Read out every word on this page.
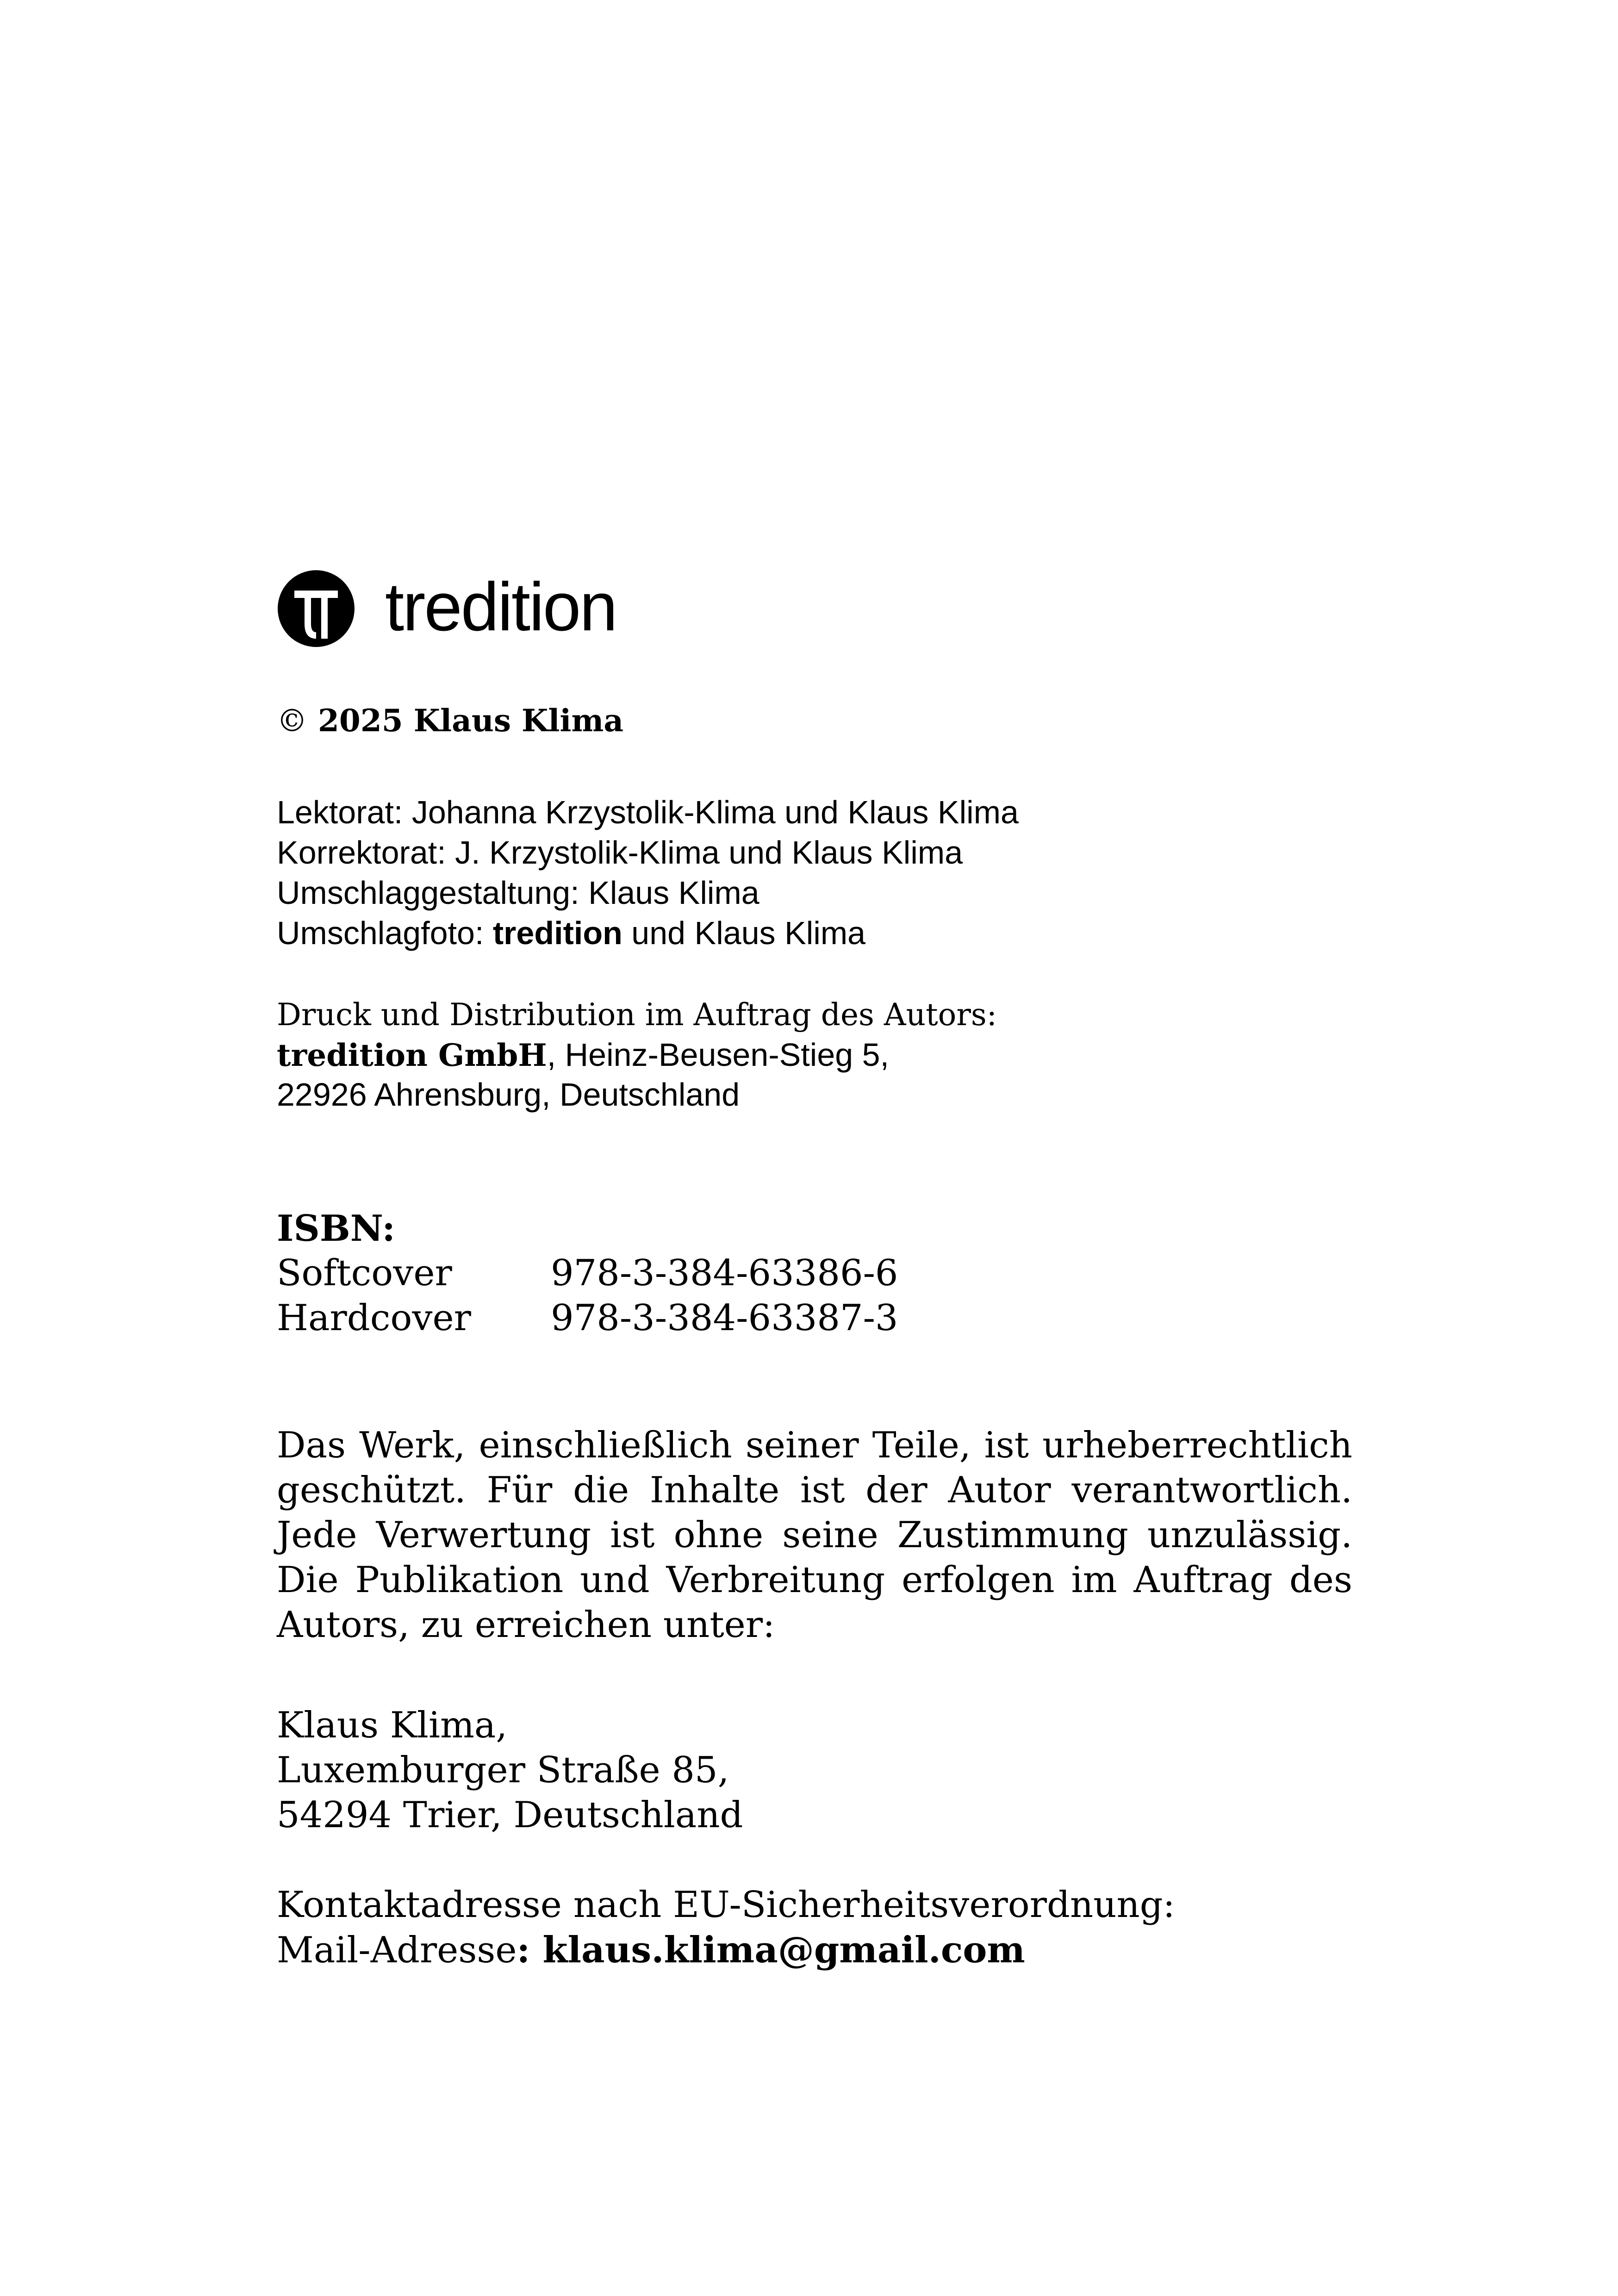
tredition
© 2025 Klaus Klima
Lektorat: Johanna Krzystolik-Klima und Klaus Klima
Korrektorat: J. Krzystolik-Klima und Klaus Klima
Umschlaggestaltung: Klaus Klima
Umschlagfoto: tredition und Klaus Klima
Druck und Distribution im Auftrag des Autors:
tredition GmbH, Heinz-Beusen-Stieg 5,
22926 Ahrensburg, Deutschland
ISBN:
Softcover	978-3-384-63386-6
Hardcover 978-3-384-63387-3
Das Werk, einschließlich seiner Teile, ist urheberrechtlich geschützt. Für die Inhalte ist der Autor verantwortlich. Jede Verwertung ist ohne seine Zustimmung unzulässig. Die Publikation und Verbreitung erfolgen im Auftrag des Autors, zu erreichen unter:
Klaus Klima,
Luxemburger Straße 85,
54294 Trier, Deutschland
Kontaktadresse nach EU-Sicherheitsverordnung:
Mail-Adresse: klaus.klima@gmail.com
